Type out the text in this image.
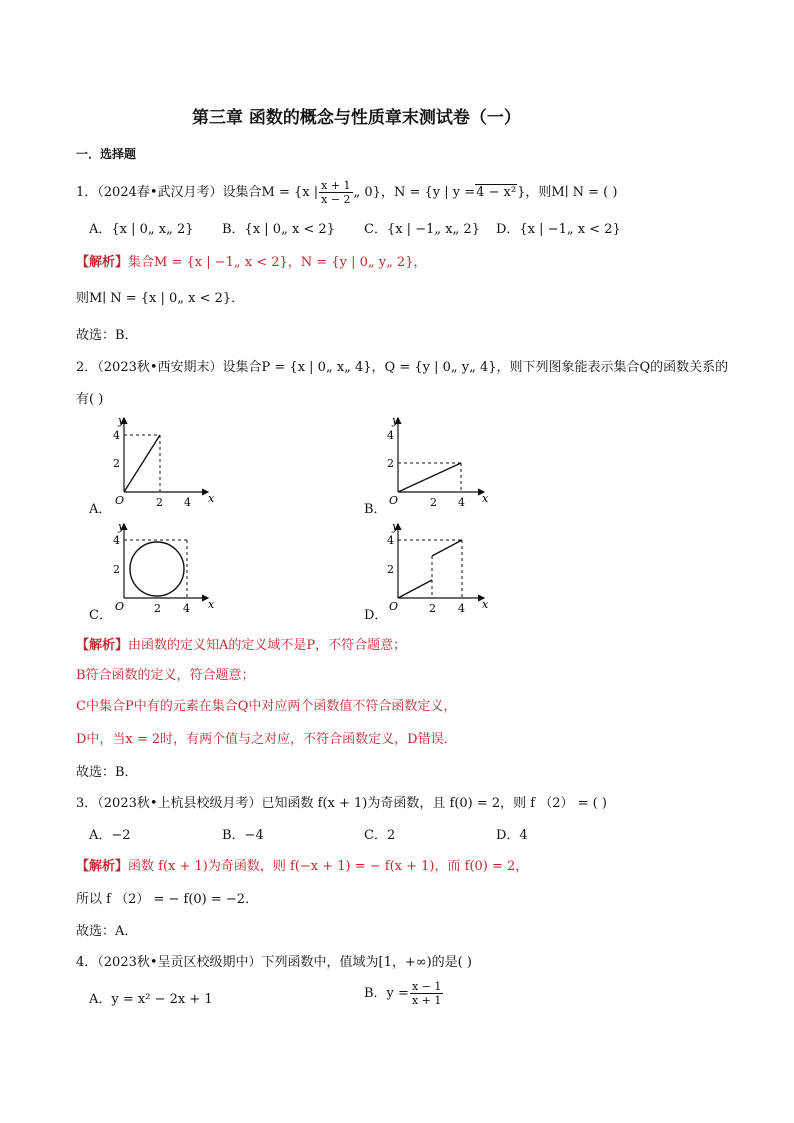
第三章 函数的概念与性质章末测试卷（一）
一．选择题
1．（2024春•武汉月考）设集合M = {x | $\frac{x + 1}{x - 2}$ „ 0}，N = {y | y =4 − x²}，则M∣ N = ( )
A．{x | 0„ x„ 2} B．{x | 0„ x < 2} C．{x | −1„ x„ 2} D．{x | −1„ x < 2}
【解析】集合M = {x | −1„ x < 2}，N = {y | 0„ y„ 2}，
则M∣ N = {x | 0„ x < 2}．
故选：B．
2．（2023秋•西安期末）设集合P = {x | 0„ x„ 4}，Q = {y | 0„ y„ 4}，则下列图象能表示集合Q的函数关系的
有( )
y
x
O
4
2
2 4
A．
y
x
O
4
2
2 4
B．
y
x
O
4
2
2 4
C．
y
x
O
4
2
2 4
D．
【解析】由函数的定义知A的定义域不是P，不符合题意；
B符合函数的定义，符合题意；
C中集合P中有的元素在集合Q中对应两个函数值不符合函数定义，
D中，当x = 2时，有两个值与之对应，不符合函数定义，D错误．
故选：B．
3．（2023秋•上杭县校级月考）已知函数 f(x + 1)为奇函数，且 f(0) = 2，则 f （2） = ( )
A．−2	B．−4	C．2	D．4
【解析】函数 f(x + 1)为奇函数，则 f(−x + 1) = − f(x + 1)，而 f(0) = 2，
所以 f （2） = − f(0) = −2．
故选：A．
4．（2023秋•呈贡区校级期中）下列函数中，值域为[1，+∞)的是( )
A．y = x² − 2x + 1	B．$y = \frac{x - 1}{x + 1}$
